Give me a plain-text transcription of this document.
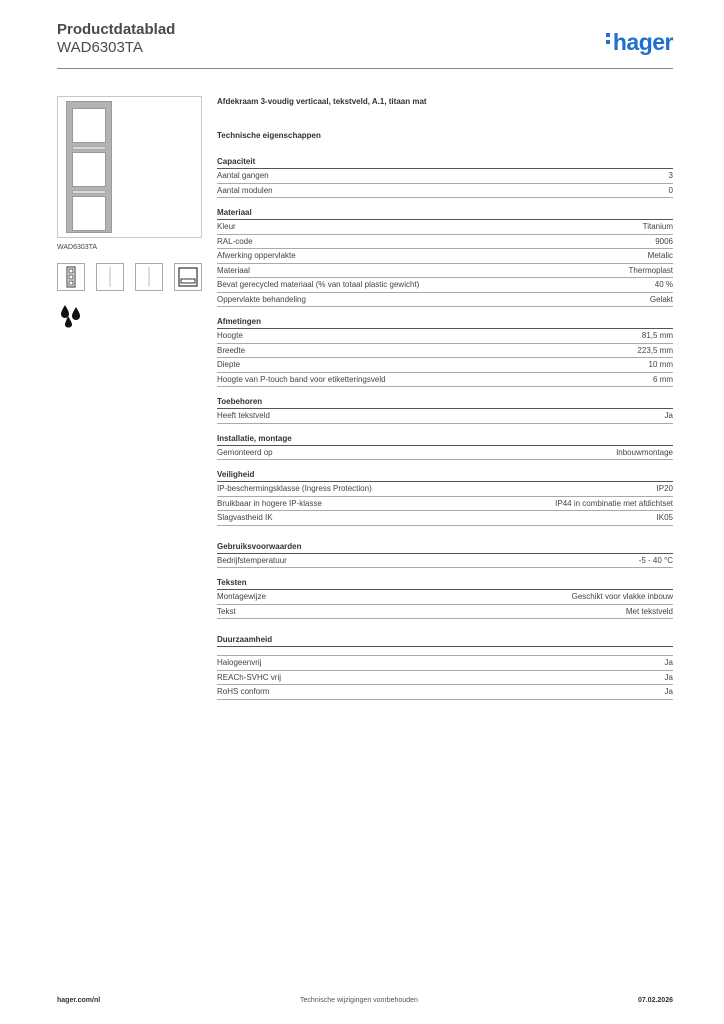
Productdatablad
WAD6303TA	hager
WAD6303TA
Afdekraam 3-voudig verticaal, tekstveld, A.1, titaan mat
Technische eigenschappen
Capaciteit
Aantal gangen	3
Aantal modulen	0
Materiaal
Kleur	Titanium
RAL-code	9006
Afwerking oppervlakte	Metalic
Materiaal	Thermoplast
Bevat gerecycled materiaal (% van totaal plastic gewicht)	40 %
Oppervlakte behandeling	Gelakt
Afmetingen
Hoogte	81,5 mm
Breedte	223,5 mm
Diepte	10 mm
Hoogte van P-touch band voor etiketteringsveld	6 mm
Toebehoren
Heeft tekstveld	Ja
Installatie, montage
Gemonteerd op	Inbouwmontage
Veiligheid
IP-beschermingsklasse (Ingress Protection)	IP20
Bruikbaar in hogere IP-klasse	IP44 in combinatie met afdichtset
Slagvastheid IK	IK05
Gebruiksvoorwaarden
Bedrijfstemperatuur	-5 - 40 °C
Teksten
Montagewijze	Geschikt voor vlakke inbouw
Tekst	Met tekstveld
Duurzaamheid
Halogeenvrij	Ja
REACh-SVHC vrij	Ja
RoHS conform	Ja
hager.com/nl	Technische wijzigingen voorbehouden	07.02.2026
